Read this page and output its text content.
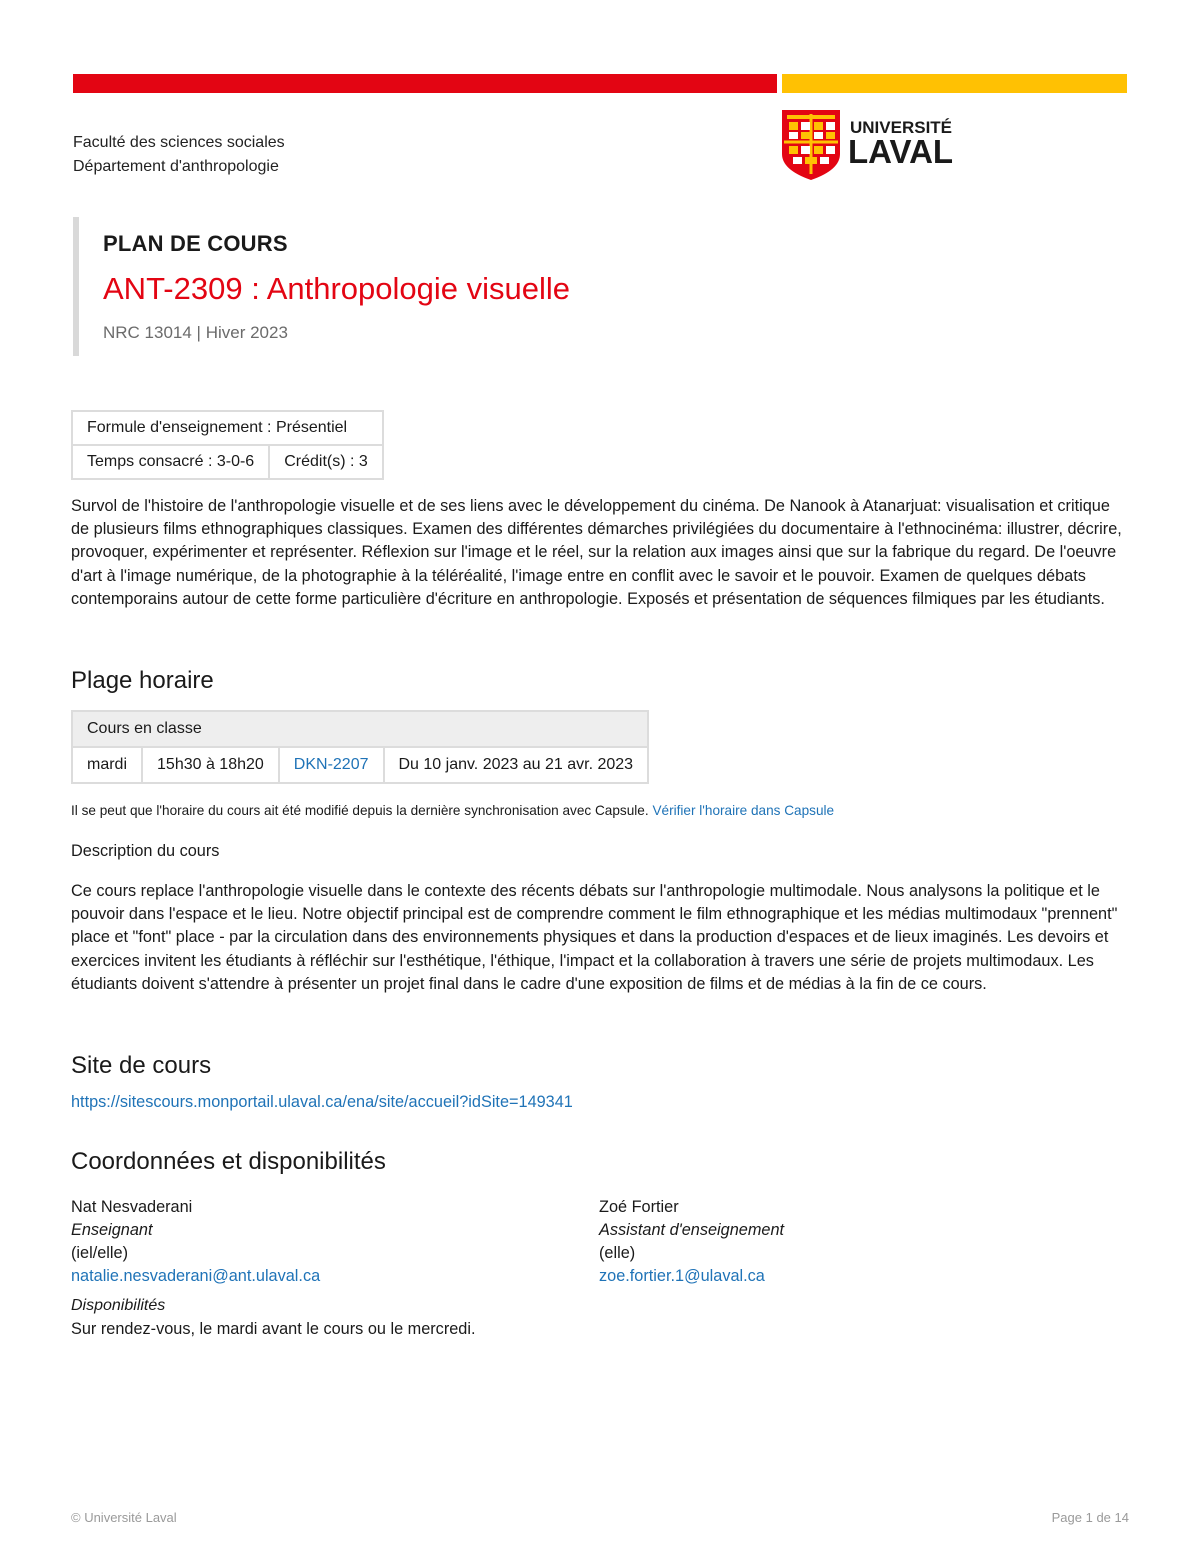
Faculté des sciences sociales
Département d'anthropologie
UNIVERSITÉ
LAVAL
PLAN DE COURS
ANT-2309 : Anthropologie visuelle
NRC 13014 | Hiver 2023
Formule d'enseignement : Présentiel
Temps consacré : 3-0-6	Crédit(s) : 3
Survol de l'histoire de l'anthropologie visuelle et de ses liens avec le développement du cinéma. De Nanook à Atanarjuat: visualisation et critique de plusieurs films ethnographiques classiques. Examen des différentes démarches privilégiées du documentaire à l'ethnocinéma: illustrer, décrire, provoquer, expérimenter et représenter. Réflexion sur l'image et le réel, sur la relation aux images ainsi que sur la fabrique du regard. De l'oeuvre d'art à l'image numérique, de la photographie à la téléréalité, l'image entre en conflit avec le savoir et le pouvoir. Examen de quelques débats contemporains autour de cette forme particulière d'écriture en anthropologie. Exposés et présentation de séquences filmiques par les étudiants.
Plage horaire
Cours en classe
mardi	15h30 à 18h20	DKN-2207	Du 10 janv. 2023 au 21 avr. 2023
Il se peut que l'horaire du cours ait été modifié depuis la dernière synchronisation avec Capsule. Vérifier l'horaire dans Capsule
Description du cours
Ce cours replace l'anthropologie visuelle dans le contexte des récents débats sur l'anthropologie multimodale. Nous analysons la politique et le pouvoir dans l'espace et le lieu. Notre objectif principal est de comprendre comment le film ethnographique et les médias multimodaux "prennent" place et "font" place - par la circulation dans des environnements physiques et dans la production d'espaces et de lieux imaginés. Les devoirs et exercices invitent les étudiants à réfléchir sur l'esthétique, l'éthique, l'impact et la collaboration à travers une série de projets multimodaux. Les étudiants doivent s'attendre à présenter un projet final dans le cadre d'une exposition de films et de médias à la fin de ce cours.
Site de cours
https://sitescours.monportail.ulaval.ca/ena/site/accueil?idSite=149341
Coordonnées et disponibilités
Nat Nesvaderani
Enseignant
(iel/elle)
natalie.nesvaderani@ant.ulaval.ca
Zoé Fortier
Assistant d'enseignement
(elle)
zoe.fortier.1@ulaval.ca
Disponibilités
Sur rendez-vous, le mardi avant le cours ou le mercredi.
© Université Laval	Page 1 de 14
